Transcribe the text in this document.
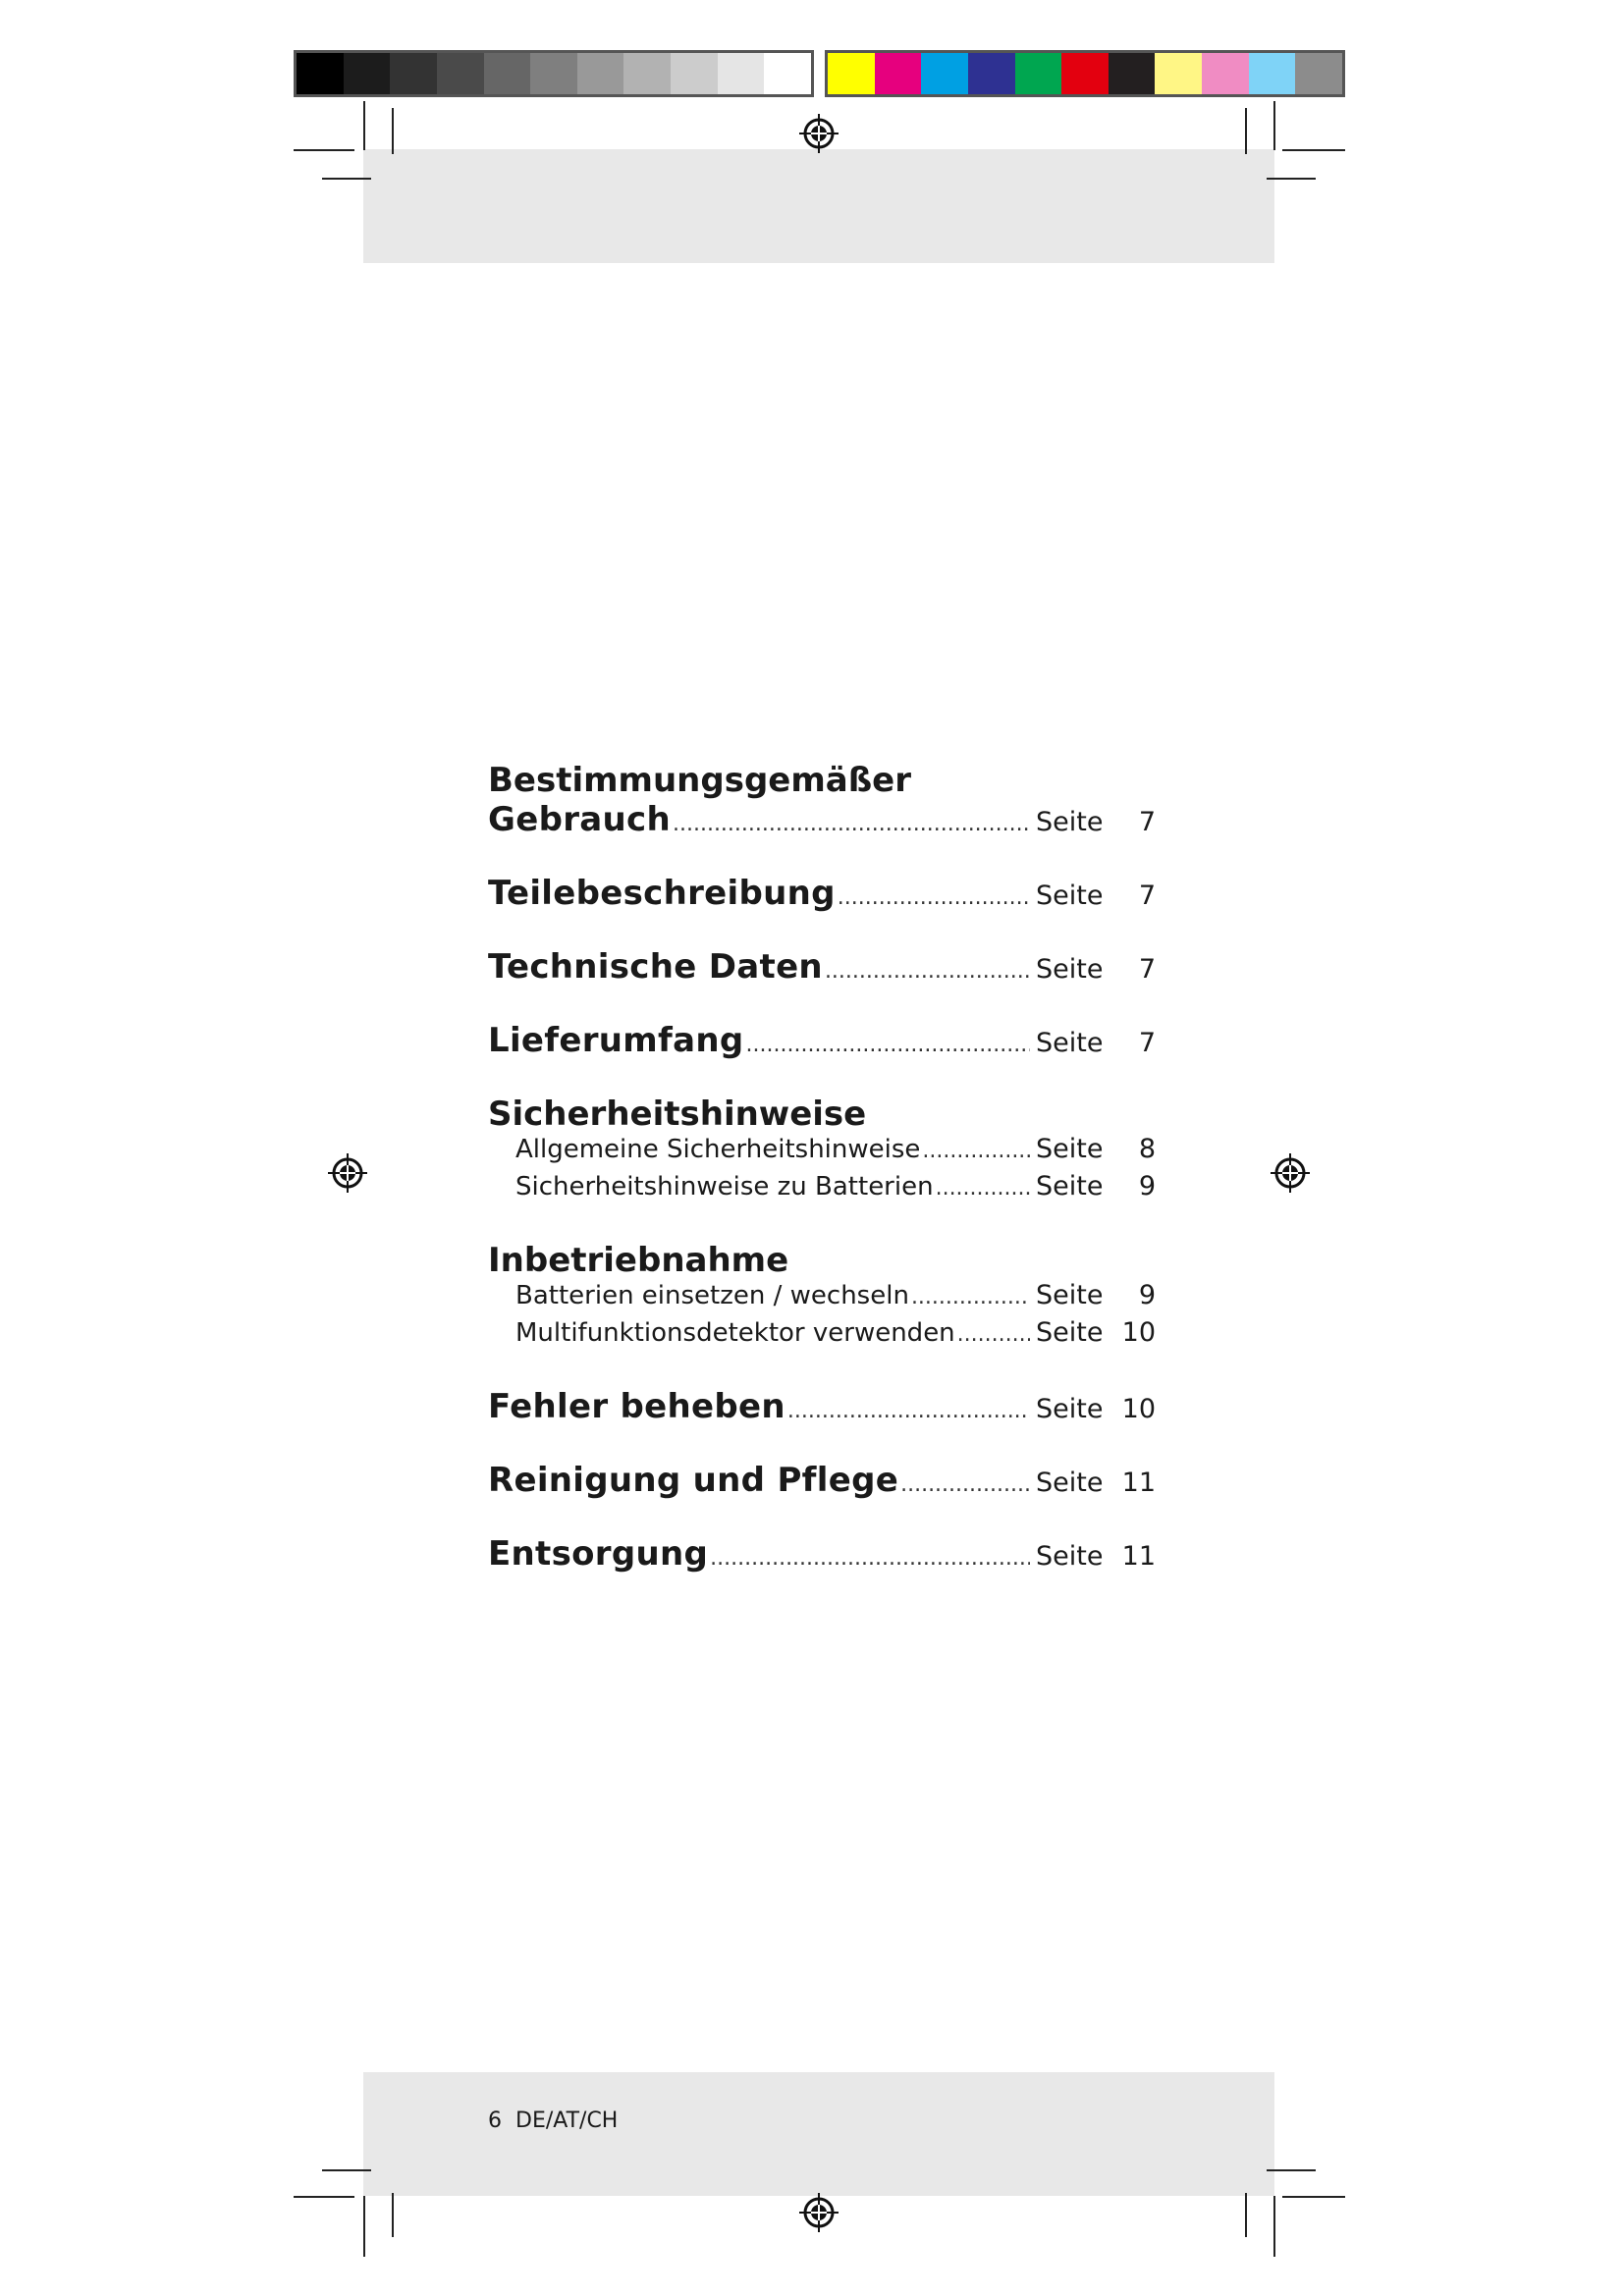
Bestimmungsgemäßer
Gebrauch .....	Seite	7
Teilebeschreibung .....	Seite	7
Technische Daten .....	Seite	7
Lieferumfang .....	Seite	7
Sicherheitshinweise
Allgemeine Sicherheitshinweise .....	Seite	8
Sicherheitshinweise zu Batterien .....	Seite	9
Inbetriebnahme
Batterien einsetzen / wechseln .....	Seite	9
Multifunktionsdetektor verwenden .....	Seite 10
Fehler beheben .....	Seite 10
Reinigung und Pflege .....	Seite 11
Entsorgung .....	Seite 11
6 DE/AT/CH
